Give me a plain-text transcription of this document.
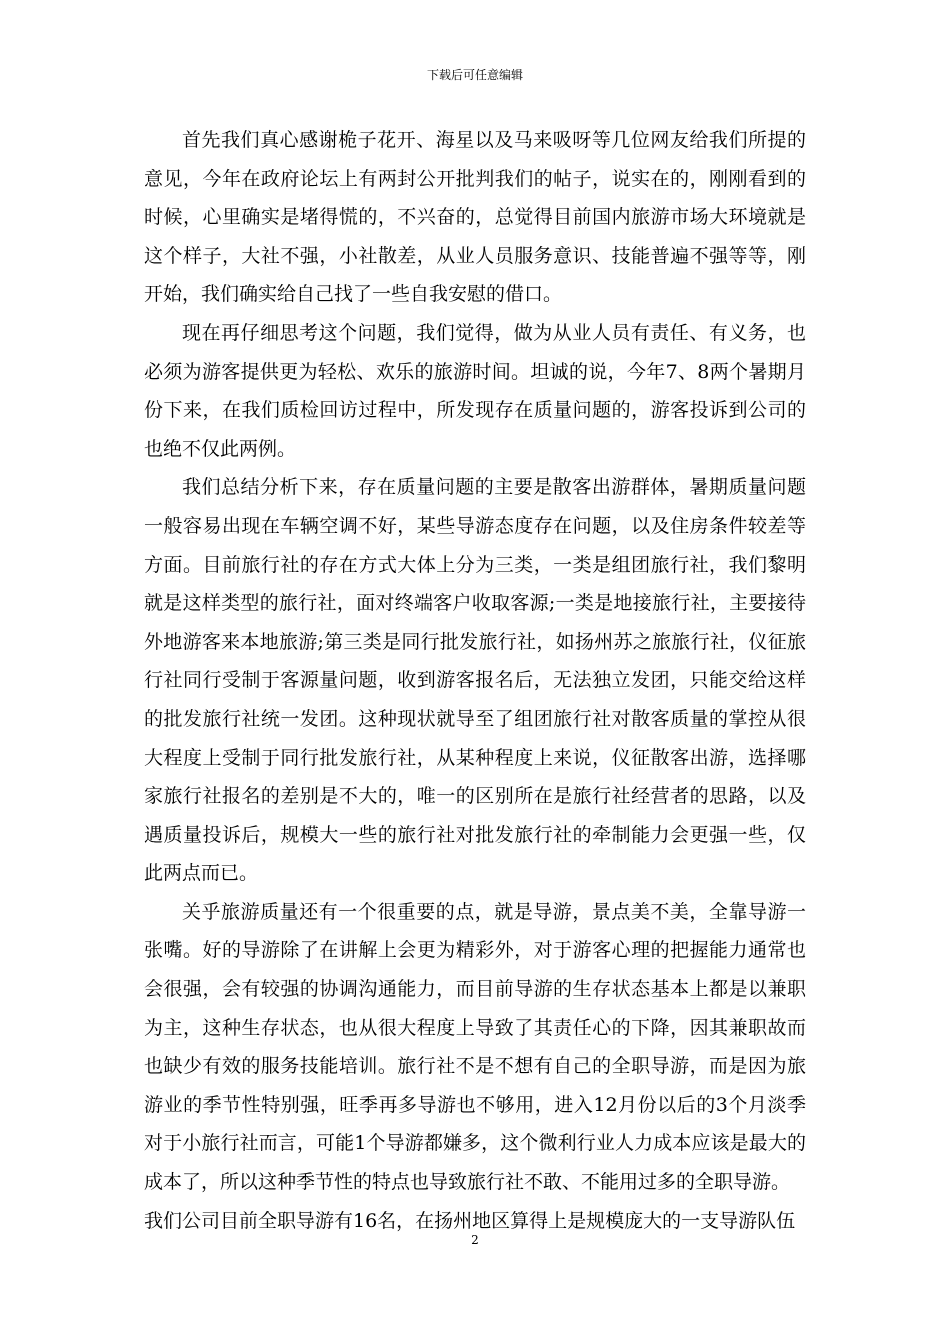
下载后可任意编辑

首先我们真心感谢桅子花开、海星以及马来吸呀等几位网友给我们所提的意见，今年在政府论坛上有两封公开批判我们的帖子，说实在的，刚刚看到的时候，心里确实是堵得慌的，不兴奋的，总觉得目前国内旅游市场大环境就是这个样子，大社不强，小社散差，从业人员服务意识、技能普遍不强等等，刚开始，我们确实给自己找了一些自我安慰的借口。

现在再仔细思考这个问题，我们觉得，做为从业人员有责任、有义务，也必须为游客提供更为轻松、欢乐的旅游时间。坦诚的说，今年7、8两个暑期月份下来，在我们质检回访过程中，所发现存在质量问题的，游客投诉到公司的也绝不仅此两例。

我们总结分析下来，存在质量问题的主要是散客出游群体，暑期质量问题一般容易出现在车辆空调不好，某些导游态度存在问题，以及住房条件较差等方面。目前旅行社的存在方式大体上分为三类，一类是组团旅行社，我们黎明就是这样类型的旅行社，面对终端客户收取客源;一类是地接旅行社，主要接待外地游客来本地旅游;第三类是同行批发旅行社，如扬州苏之旅旅行社，仪征旅行社同行受制于客源量问题，收到游客报名后，无法独立发团，只能交给这样的批发旅行社统一发团。这种现状就导至了组团旅行社对散客质量的掌控从很大程度上受制于同行批发旅行社，从某种程度上来说，仪征散客出游，选择哪家旅行社报名的差别是不大的，唯一的区别所在是旅行社经营者的思路，以及遇质量投诉后，规模大一些的旅行社对批发旅行社的牵制能力会更强一些，仅此两点而已。

关乎旅游质量还有一个很重要的点，就是导游，景点美不美，全靠导游一张嘴。好的导游除了在讲解上会更为精彩外，对于游客心理的把握能力通常也会很强，会有较强的协调沟通能力，而目前导游的生存状态基本上都是以兼职为主，这种生存状态，也从很大程度上导致了其责任心的下降，因其兼职故而也缺少有效的服务技能培训。旅行社不是不想有自己的全职导游，而是因为旅游业的季节性特别强，旺季再多导游也不够用，进入12月份以后的3个月淡季对于小旅行社而言，可能1个导游都嫌多，这个微利行业人力成本应该是最大的成本了，所以这种季节性的特点也导致旅行社不敢、不能用过多的全职导游。

我们公司目前全职导游有16名，在扬州地区算得上是规模庞大的一支导游队伍

2
